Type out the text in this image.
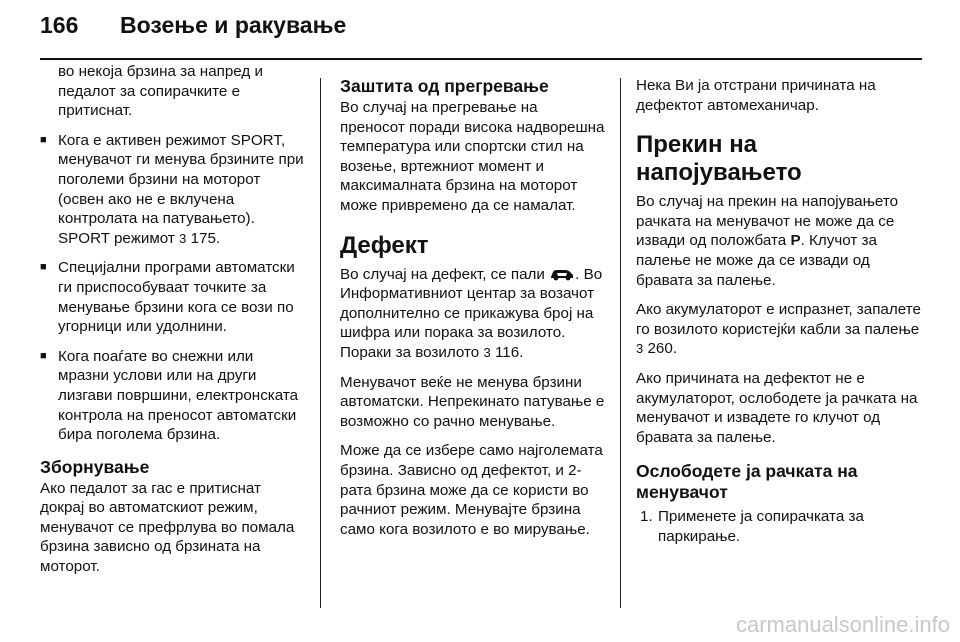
166 Возење и ракување

во некоја брзина за напред и педалот за сопирачките е притиснат.

■ Кога е активен режимот SPORT, менувачот ги менува брзините при поголеми брзини на моторот (освен ако не е вклучена контролата на патувањето). SPORT режимот 3 175.
■ Специјални програми автоматски ги приспособуваат точките за менување брзини кога се вози по угорници или удолнини.
■ Кога поаѓате во снежни или мразни услови или на други лизгави површини, електронската контрола на преносот автоматски бира поголема брзина.
Зборнување

Ако педалот за гас е притиснат докрај во автоматскиот режим, менувачот се префрлува во помала брзина зависно од брзината на моторот.

Заштита од прегревање

Во случај на прегревање на преносот поради висока надворешна температура или спортски стил на возење, вртежниот момент и максималната брзина на моторот може привремено да се намалат.

Дефект

Во случај на дефект, се пали . Во Информативниот центар за возачот дополнително се прикажува број на шифра или порака за возилото. Пораки за возилото 3 116.

Менувачот веќе не менува брзини автоматски. Непрекинато патување е возможно со рачно менување.

Може да се избере само најголемата брзина. Зависно од дефектот, и 2-рата брзина може да се користи во рачниот режим. Менувајте брзина само кога возилото е во мирување.

Нека Ви ја отстрани причината на дефектот автомеханичар.

Прекин на напојувањето

Во случај на прекин на напојувањето рачката на менувачот не може да се извади од положбата P. Клучот за палење не може да се извади од бравата за палење.

Ако акумулаторот е испразнет, запалете го возилото користејќи кабли за палење 3 260.

Ако причината на дефектот не е акумулаторот, ослободете ја рачката на менувачот и извадете го клучот од бравата за палење.

Ослободете ја рачката на менувачот
1. Применете ја сопирачката за паркирање.
carmanualsonline.info
